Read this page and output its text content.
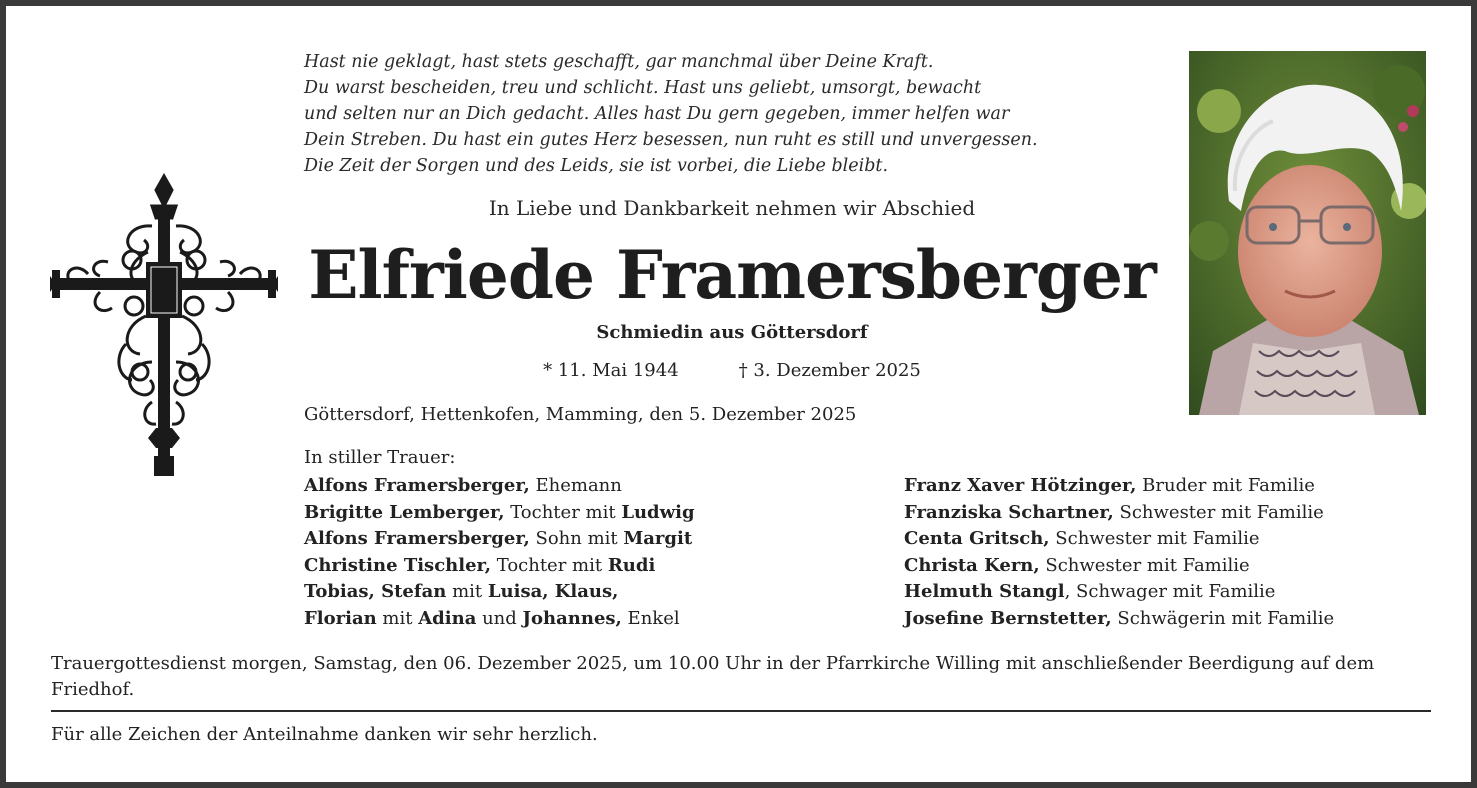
Hast nie geklagt, hast stets geschafft, gar manchmal über Deine Kraft.
Du warst bescheiden, treu und schlicht. Hast uns geliebt, umsorgt, bewacht
und selten nur an Dich gedacht. Alles hast Du gern gegeben, immer helfen war
Dein Streben. Du hast ein gutes Herz besessen, nun ruht es still und unvergessen.
Die Zeit der Sorgen und des Leids, sie ist vorbei, die Liebe bleibt.
In Liebe und Dankbarkeit nehmen wir Abschied
Elfriede Framersberger
Schmiedin aus Göttersdorf
* 11. Mai 1944	† 3. Dezember 2025
Göttersdorf, Hettenkofen, Mamming, den 5. Dezember 2025
In stiller Trauer:
Alfons Framersberger, Ehemann
Brigitte Lemberger, Tochter mit Ludwig
Alfons Framersberger, Sohn mit Margit
Christine Tischler, Tochter mit Rudi
Tobias, Stefan mit Luisa, Klaus,
Florian mit Adina und Johannes, Enkel
Franz Xaver Hötzinger, Bruder mit Familie
Franziska Schartner, Schwester mit Familie
Centa Gritsch, Schwester mit Familie
Christa Kern, Schwester mit Familie
Helmuth Stangl, Schwager mit Familie
Josefine Bernstetter, Schwägerin mit Familie
Trauergottesdienst morgen, Samstag, den 06. Dezember 2025, um 10.00 Uhr in der Pfarrkirche Willing mit anschließender Beerdigung auf dem Friedhof.
Für alle Zeichen der Anteilnahme danken wir sehr herzlich.
